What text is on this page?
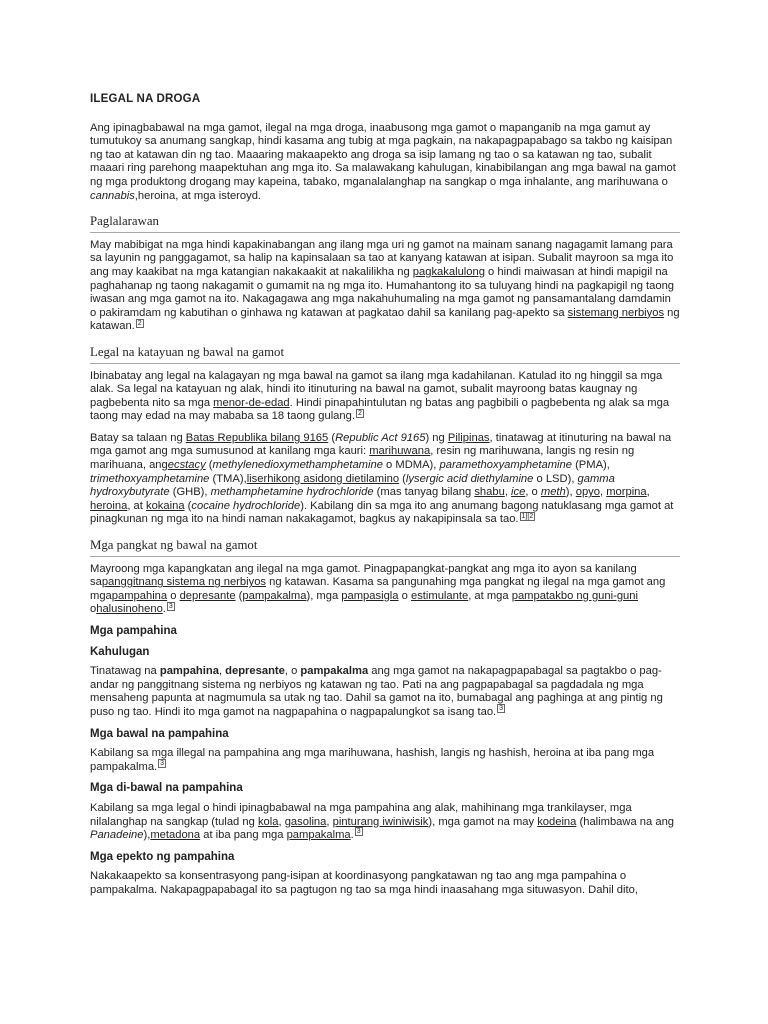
ILEGAL NA DROGA

Ang ipinagbabawal na mga gamot, ilegal na mga droga, inaabusong mga gamot o mapanganib na mga gamut ay tumutukoy sa anumang sangkap, hindi kasama ang tubig at mga pagkain, na nakapagpapabago sa takbo ng kaisipan ng tao at katawan din ng tao. Maaaring makaapekto ang droga sa isip lamang ng tao o sa katawan ng tao, subalit maaari ring parehong maapektuhan ang mga ito. Sa malawakang kahulugan, kinabibilangan ang mga bawal na gamot ng mga produktong drogang may kapeina, tabako, mganalalanghap na sangkap o mga inhalante, ang marihuwana o cannabis,heroina, at mga isteroyd.

Paglalarawan

May mabibigat na mga hindi kapakinabangan ang ilang mga uri ng gamot na mainam sanang nagagamit lamang para sa layunin ng panggagamot, sa halip na kapinsalaan sa tao at kanyang katawan at isipan. Subalit mayroon sa mga ito ang may kaakibat na mga katangian nakakaakit at nakalilikha ng pagkakalulong o hindi maiwasan at hindi mapigil na paghahanap ng taong nakagamit o gumamit na ng mga ito. Humahantong ito sa tuluyang hindi na pagkapigil ng taong iwasan ang mga gamot na ito. Nakagagawa ang mga nakahuhumaling na mga gamot ng pansamantalang damdamin o pakiramdam ng kabutihan o ginhawa ng katawan at pagkatao dahil sa kanilang pag-apekto sa sistemang nerbiyos ng katawan. $^2$

Legal na katayuan ng bawal na gamot

Ibinabatay ang legal na kalagayan ng mga bawal na gamot sa ilang mga kadahilanan. Katulad ito ng hinggil sa mga alak. Sa legal na katayuan ng alak, hindi ito itinuturing na bawal na gamot, subalit mayroong batas kaugnay ng pagbebenta nito sa mga menor-de-edad. Hindi pinapahintulutan ng batas ang pagbibili o pagbebenta ng alak sa mga taong may edad na may mababa sa 18 taong gulang. $^2$

Batay sa talaan ng Batas Republika bilang 9165 (Republic Act 9165) ng Pilipinas, tinatawag at itinuturing na bawal na mga gamot ang mga sumusunod at kanilang mga kauri: marihuwana, resin ng marihuwana, langis ng resin ng marihuana, angecstacy (methylenedioxymethamphetamine o MDMA), paramethoxyamphetamine (PMA), trimethoxyamphetamine (TMA),liserhikong asidong dietilamino (lysergic acid diethylamine o LSD), gamma hydroxybutyrate (GHB), methamphetamine hydrochloride (mas tanyag bilang shabu, ice, o meth), opyo, morpina, heroina, at kokaina (cocaine hydrochloride). Kabilang din sa mga ito ang anumang bagong natuklasang mga gamot at pinagkunan ng mga ito na hindi naman nakakagamot, bagkus ay nakapipinsala sa tao. $^{1][2}$

Mga pangkat ng bawal na gamot

Mayroong mga kapangkatan ang ilegal na mga gamot. Pinagpapangkat-pangkat ang mga ito ayon sa kanilang sapanggitnang sistema ng nerbiyos ng katawan. Kasama sa pangunahing mga pangkat ng ilegal na mga gamot ang mgapampahina o depresante (pampakalma), mga pampasigla o estimulante, at mga pampatakbo ng guni-guni ohalusinoheno. $^3$

Mga pampahina
Kahulugan

Tinatawag na pampahina, depresante, o pampakalma ang mga gamot na nakapagpapabagal sa pagtakbo o pag-andar ng panggitnang sistema ng nerbiyos ng katawan ng tao. Pati na ang pagpapabagal sa pagdadala ng mga mensaheng papunta at nagmumula sa utak ng tao. Dahil sa gamot na ito, bumabagal ang paghinga at ang pintig ng puso ng tao. Hindi ito mga gamot na nagpapahina o nagpapalungkot sa isang tao. $^3$

Mga bawal na pampahina

Kabilang sa mga illegal na pampahina ang mga marihuwana, hashish, langis ng hashish, heroina at iba pang mga pampakalma. $^3$

Mga di-bawal na pampahina

Kabilang sa mga legal o hindi ipinagbabawal na mga pampahina ang alak, mahihinang mga trankilayser, mga nilalanghap na sangkap (tulad ng kola, gasolina, pinturang iwiniwisik), mga gamot na may kodeina (halimbawa na ang Panadeine),metadona at iba pang mga pampakalma. $^3$

Mga epekto ng pampahina

Nakakaapekto sa konsentrasyong pang-isipan at koordinasyong pangkatawan ng tao ang mga pampahina o pampakalma. Nakapagpapabagal ito sa pagtugon ng tao sa mga hindi inaasahang mga situwasyon. Dahil dito,
